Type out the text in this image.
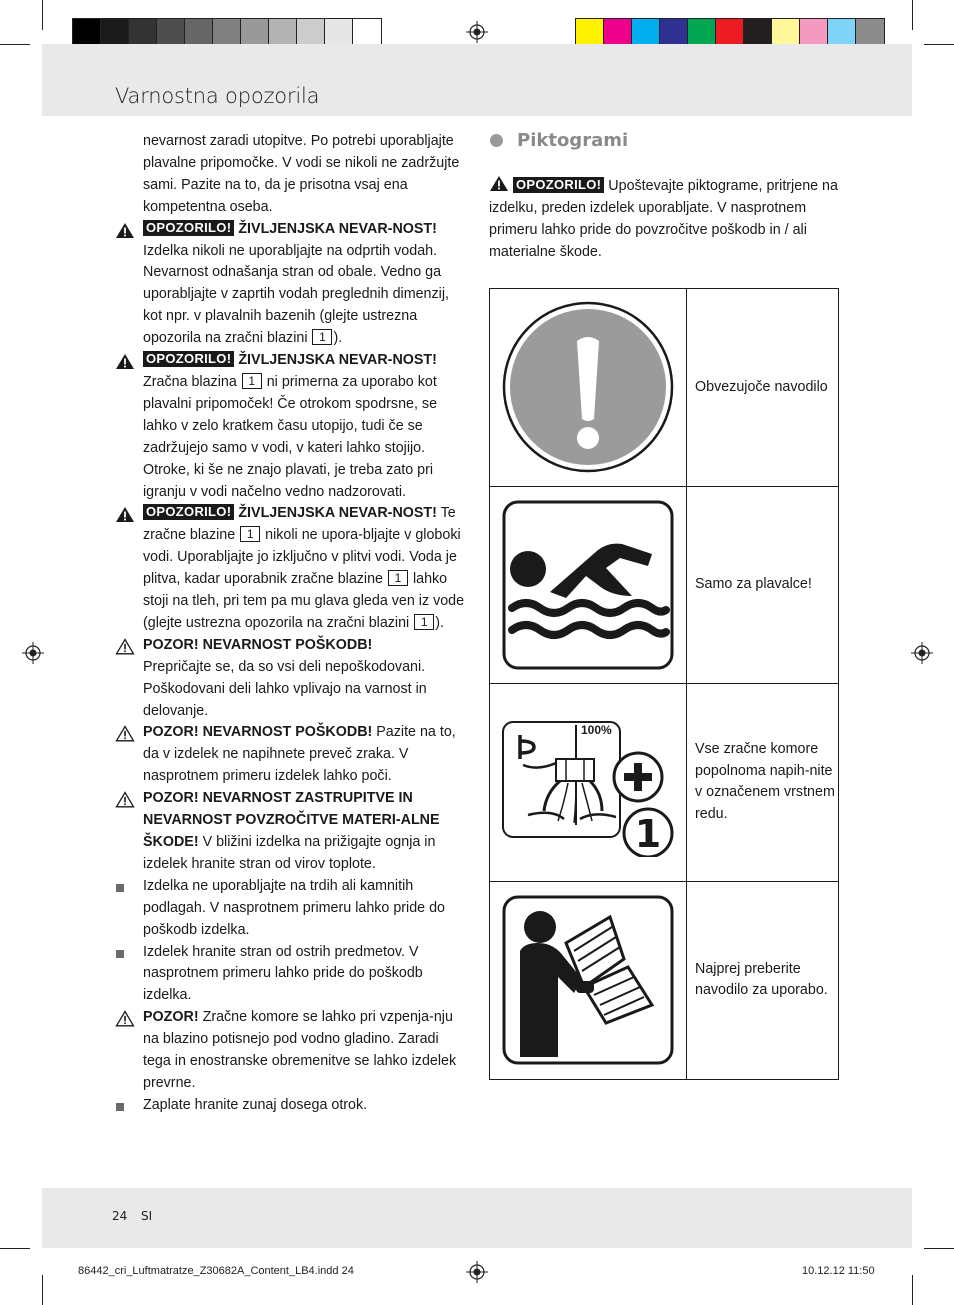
Varnostna opozorila

nevarnost zaradi utopitve. Po potrebi uporabljajte plavalne pripomočke. V vodi se nikoli ne zadržujte sami. Pazite na to, da je prisotna vsaj ena kompetentna oseba.

OPOZORILO! ŽIVLJENJSKA NEVAR-NOST! Izdelka nikoli ne uporabljajte na odprtih vodah. Nevarnost odnašanja stran od obale. Vedno ga uporabljajte v zaprtih vodah preglednih dimenzij, kot npr. v plavalnih bazenih (glejte ustrezna opozorila na zračni blazini 1 ).

OPOZORILO! ŽIVLJENJSKA NEVAR-NOST! Zračna blazina 1 ni primerna za uporabo kot plavalni pripomoček! Če otrokom spodrsne, se lahko v zelo kratkem času utopijo, tudi če se zadržujejo samo v vodi, v kateri lahko stojijo. Otroke, ki še ne znajo plavati, je treba zato pri igranju v vodi načelno vedno nadzorovati.

OPOZORILO! ŽIVLJENJSKA NEVAR-NOST! Te zračne blazine 1 nikoli ne upora-bljajte v globoki vodi. Uporabljajte jo izključno v plitvi vodi. Voda je plitva, kadar uporabnik zračne blazine 1 lahko stoji na tleh, pri tem pa mu glava gleda ven iz vode (glejte ustrezna opozorila na zračni blazini 1 ).

POZOR! NEVARNOST POŠKODB!
Prepričajte se, da so vsi deli nepoškodovani. Poškodovani deli lahko vplivajo na varnost in delovanje.

POZOR! NEVARNOST POŠKODB! Pazite na to, da v izdelek ne napihnete preveč zraka. V nasprotnem primeru izdelek lahko poči.

POZOR! NEVARNOST ZASTRUPITVE IN NEVARNOST POVZROČITVE MATERI-ALNE ŠKODE! V bližini izdelka na prižigajte ognja in izdelek hranite stran od virov toplote.

Izdelka ne uporabljajte na trdih ali kamnitih podlagah. V nasprotnem primeru lahko pride do poškodb izdelka.

Izdelek hranite stran od ostrih predmetov. V nasprotnem primeru lahko pride do poškodb izdelka.

POZOR! Zračne komore se lahko pri vzpenja-nju na blazino potisnejo pod vodno gladino. Zaradi tega in enostranske obremenitve se lahko izdelek prevrne.

Zaplate hranite zunaj dosega otrok.

Piktogrami

OPOZORILO! Upoštevajte piktograme, pritrjene na izdelku, preden izdelek uporabljate. V nasprotnem primeru lahko pride do povzročitve poškodb in / ali materialne škode.

Obvezujoče navodilo
Samo za plavalce!
100%
1
Vse zračne komore popolnoma napih-nite v označenem vrstnem redu.
Najprej preberite navodilo za uporabo.
24 SI
86442_cri_Luftmatratze_Z30682A_Content_LB4.indd 24	10.12.12 11:50
